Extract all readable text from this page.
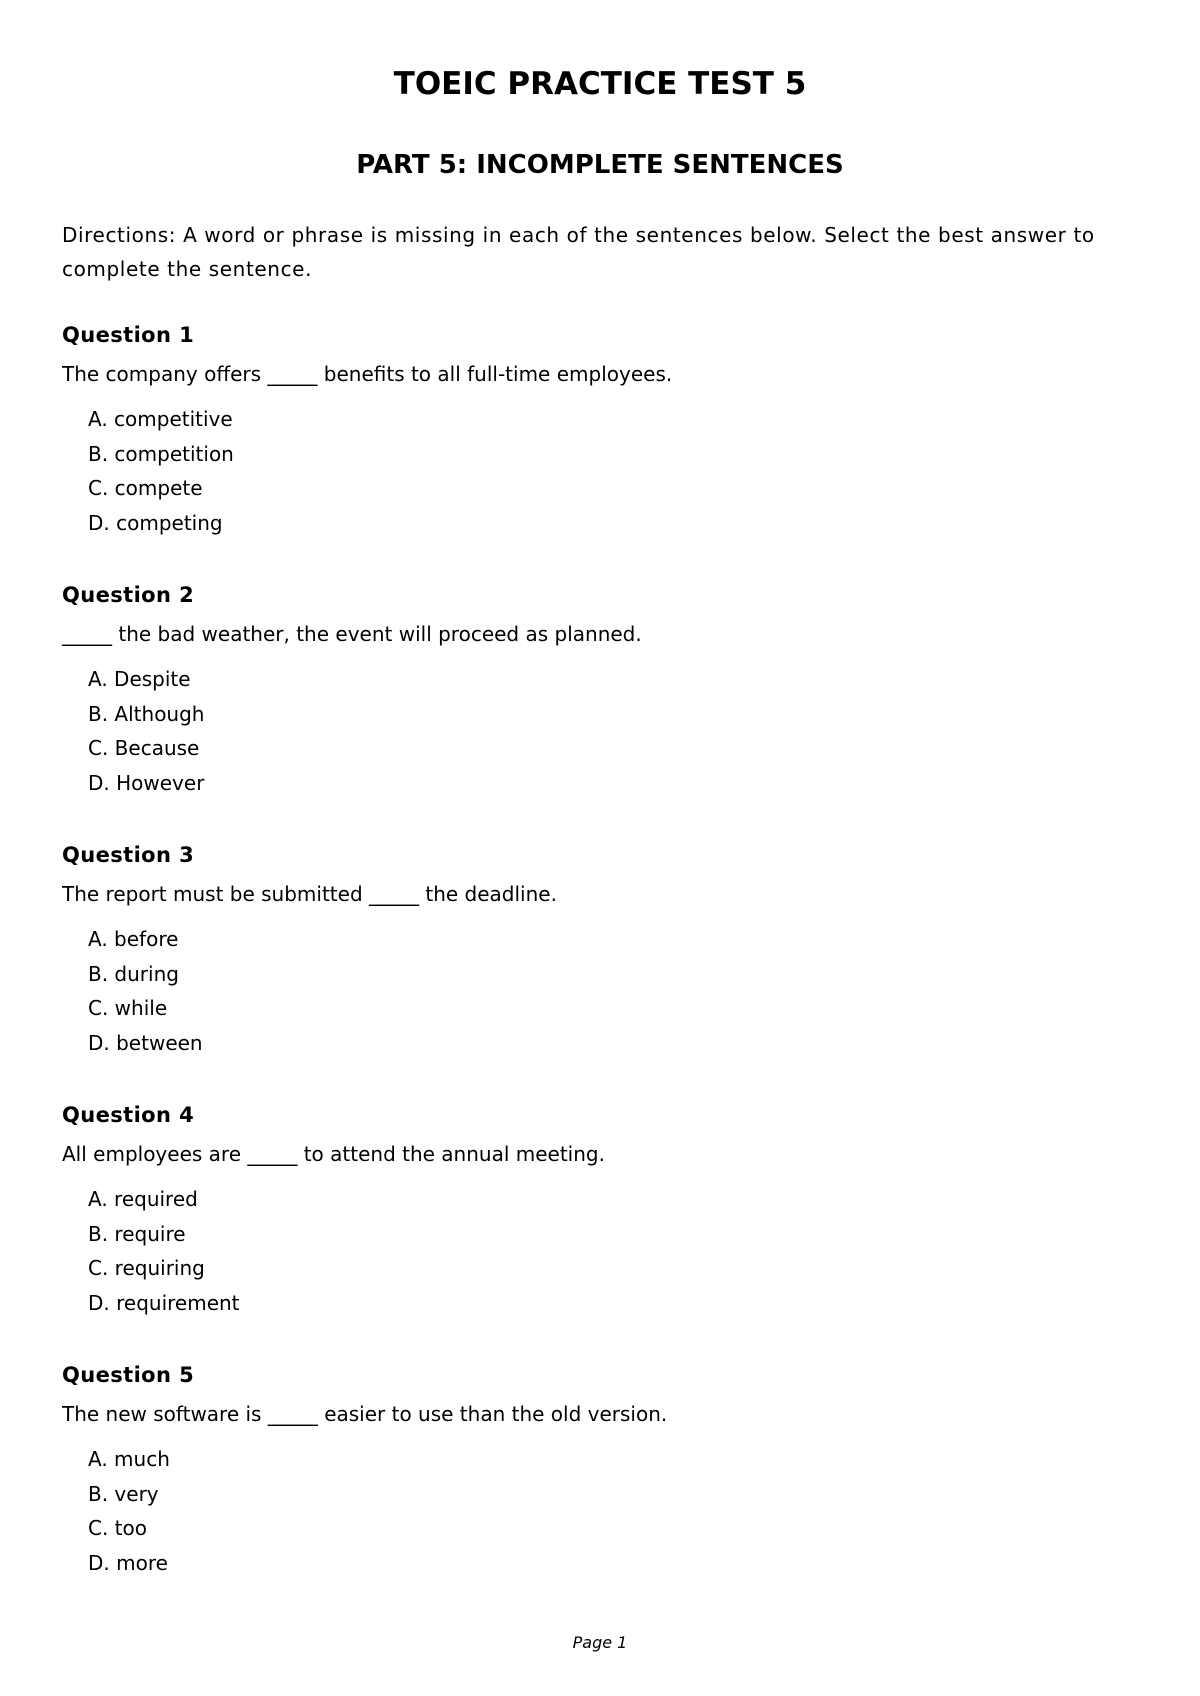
TOEIC PRACTICE TEST 5
PART 5: INCOMPLETE SENTENCES

Directions: A word or phrase is missing in each of the sentences below. Select the best answer to complete the sentence.

Question 1

The company offers _____ benefits to all full-time employees.

A. competitive
B. competition
C. compete
D. competing
Question 2

_____ the bad weather, the event will proceed as planned.

A. Despite
B. Although
C. Because
D. However
Question 3

The report must be submitted _____ the deadline.

A. before
B. during
C. while
D. between
Question 4

All employees are _____ to attend the annual meeting.

A. required
B. require
C. requiring
D. requirement
Question 5

The new software is _____ easier to use than the old version.

A. much
B. very
C. too
D. more
Page 1
